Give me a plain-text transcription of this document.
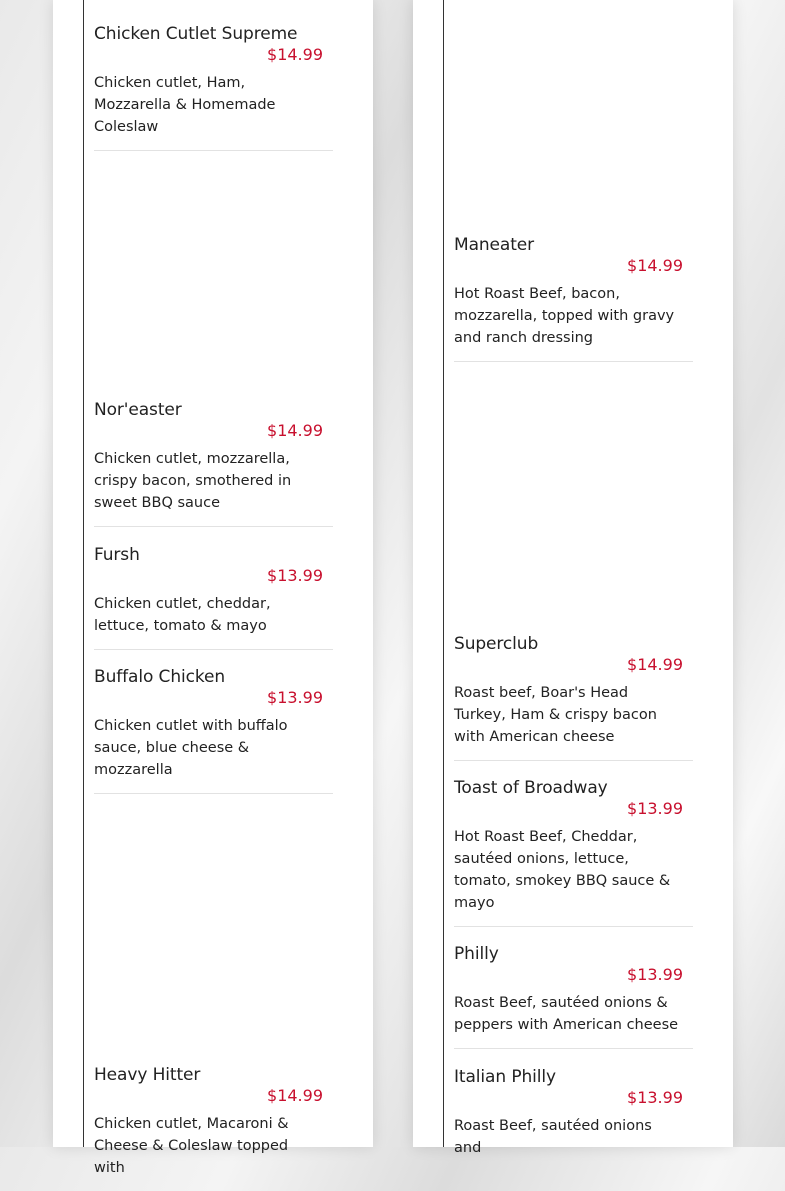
Chicken Cutlet Supreme
$14.99
Chicken cutlet, Ham, Mozzarella & Homemade Coleslaw
Nor'easter
$14.99
Chicken cutlet, mozzarella, crispy bacon, smothered in sweet BBQ sauce
Fursh
$13.99
Chicken cutlet, cheddar, lettuce, tomato & mayo
Buffalo Chicken
$13.99
Chicken cutlet with buffalo sauce, blue cheese & mozzarella
Heavy Hitter
$14.99
Chicken cutlet, Macaroni & Cheese & Coleslaw topped with
Maneater
$14.99
Hot Roast Beef, bacon, mozzarella, topped with gravy and ranch dressing
Superclub
$14.99
Roast beef, Boar's Head Turkey, Ham & crispy bacon with American cheese
Toast of Broadway
$13.99
Hot Roast Beef, Cheddar, sautéed onions, lettuce, tomato, smokey BBQ sauce & mayo
Philly
$13.99
Roast Beef, sautéed onions & peppers with American cheese
Italian Philly
$13.99
Roast Beef, sautéed onions and
